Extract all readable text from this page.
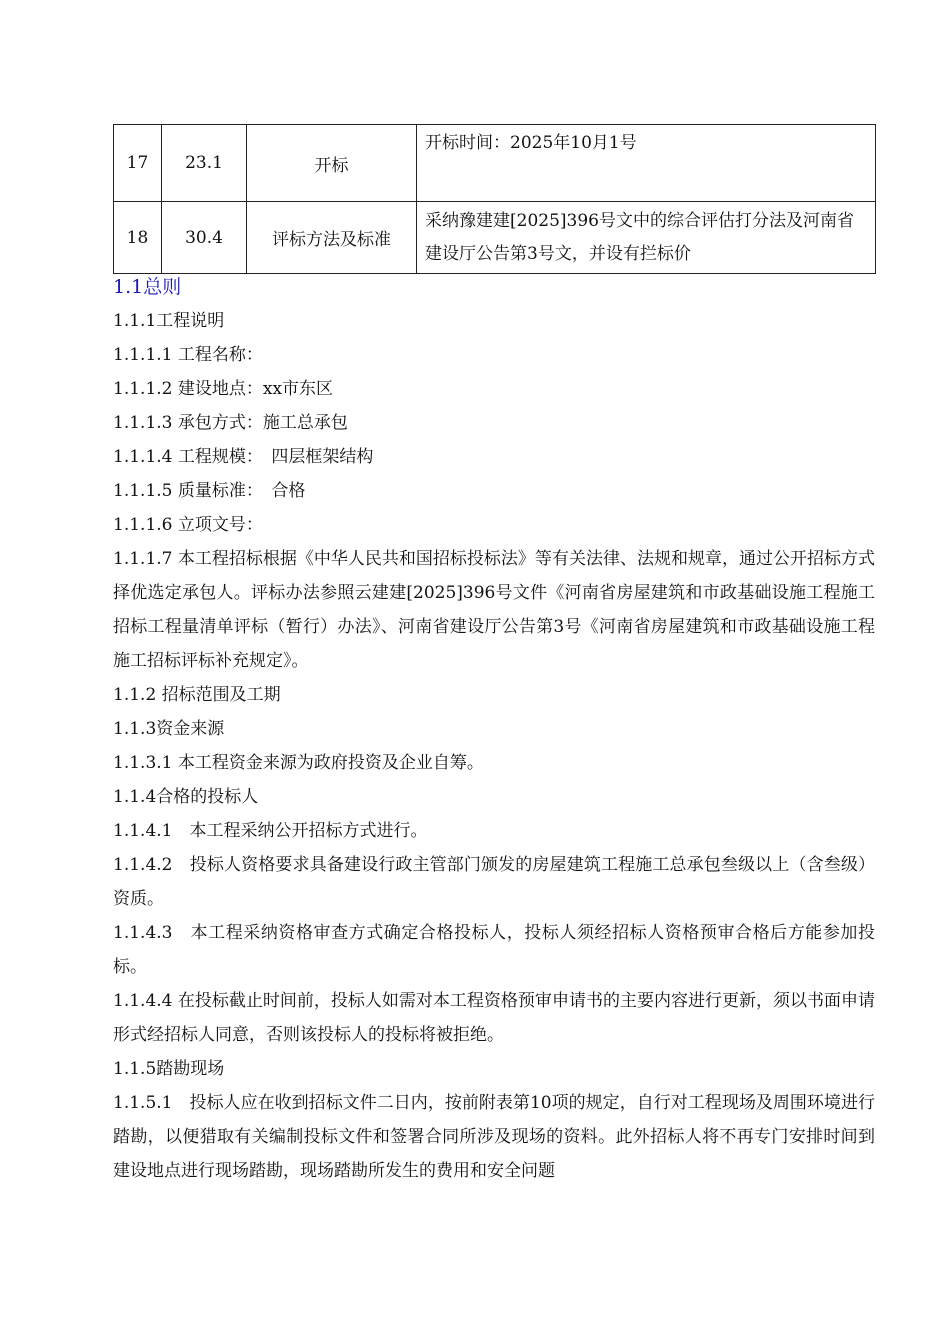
17	23.1	开标	开标时间：2025年10月1号
18	30.4	评标方法及标准	采纳豫建建[2025]396号文中的综合评估打分法及河南省建设厅公告第3号文，并设有拦标价
1.1总则

1.1.1工程说明

1.1.1.1 工程名称：

1.1.1.2 建设地点：xx市东区

1.1.1.3 承包方式：施工总承包

1.1.1.4 工程规模：　四层框架结构

1.1.1.5 质量标准：　合格

1.1.1.6 立项文号：

1.1.1.7 本工程招标根据《中华人民共和国招标投标法》等有关法律、法规和规章，通过公开招标方式择优选定承包人。评标办法参照云建建[2025]396号文件《河南省房屋建筑和市政基础设施工程施工招标工程量清单评标（暂行）办法》、河南省建设厅公告第3号《河南省房屋建筑和市政基础设施工程施工招标评标补充规定》。

1.1.2 招标范围及工期

1.1.3资金来源

1.1.3.1 本工程资金来源为政府投资及企业自筹。

1.1.4合格的投标人

1.1.4.1　本工程采纳公开招标方式进行。

1.1.4.2　投标人资格要求具备建设行政主管部门颁发的房屋建筑工程施工总承包叁级以上（含叁级）资质。

1.1.4.3　本工程采纳资格审查方式确定合格投标人，投标人须经招标人资格预审合格后方能参加投标。

1.1.4.4 在投标截止时间前，投标人如需对本工程资格预审申请书的主要内容进行更新，须以书面申请形式经招标人同意，否则该投标人的投标将被拒绝。

1.1.5踏勘现场

1.1.5.1　投标人应在收到招标文件二日内，按前附表第10项的规定，自行对工程现场及周围环境进行踏勘，以便猎取有关编制投标文件和签署合同所涉及现场的资料。此外招标人将不再专门安排时间到建设地点进行现场踏勘，现场踏勘所发生的费用和安全问题
